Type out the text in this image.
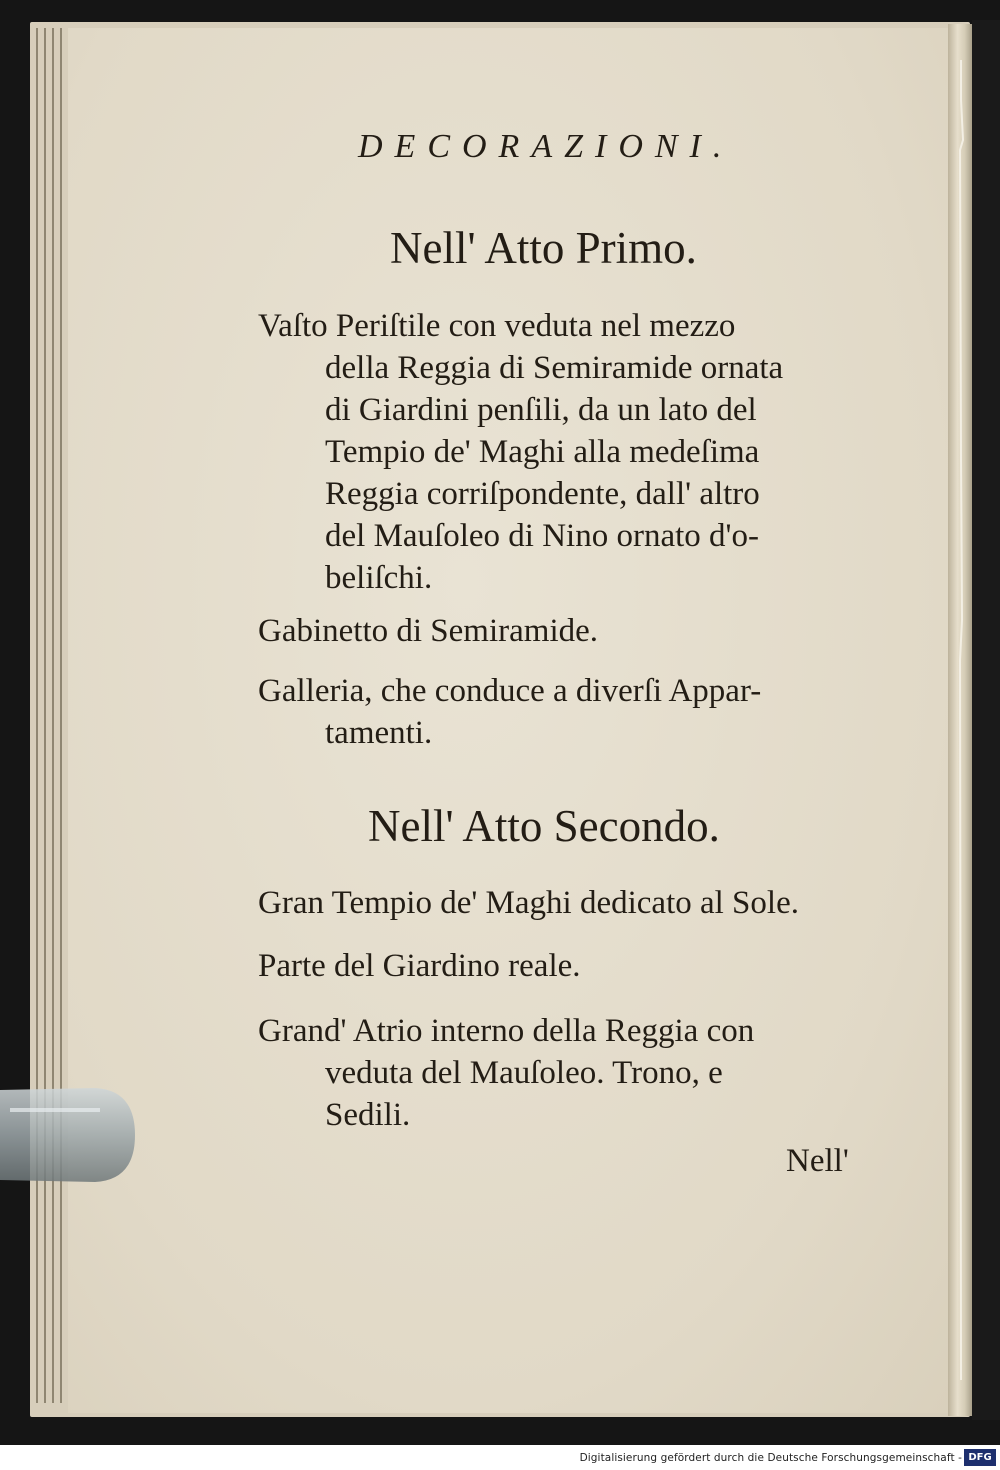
DECORAZIONI.
Nell' Atto Primo.
Vaſto Periſtile con veduta nel mezzo
della Reggia di Semiramide ornata
di Giardini penſili, da un lato del
Tempio de' Maghi alla medeſima
Reggia corriſpondente, dall' altro
del Mauſoleo di Nino ornato d'o-
beliſchi.
Gabinetto di Semiramide.
Galleria, che conduce a diverſi Appar-
tamenti.
Nell' Atto Secondo.
Gran Tempio de' Maghi dedicato al Sole.
Parte del Giardino reale.
Grand' Atrio interno della Reggia con
veduta del Mauſoleo. Trono, e
Sedili.
Nell'
Digitalisierung gefördert durch die Deutsche Forschungsgemeinschaft - DFG
